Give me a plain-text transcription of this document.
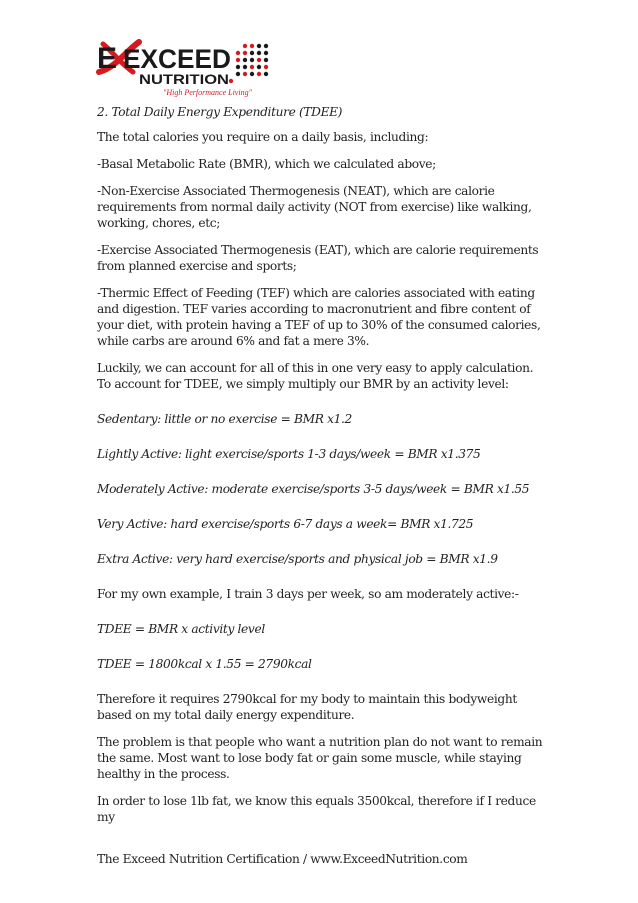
E EXCEED
NUTRITION
"High Performance Living"

2. Total Daily Energy Expenditure (TDEE)

The total calories you require on a daily basis, including:

-Basal Metabolic Rate (BMR), which we calculated above;

-Non-Exercise Associated Thermogenesis (NEAT), which are calorie requirements from normal daily activity (NOT from exercise) like walking, working, chores, etc;

-Exercise Associated Thermogenesis (EAT), which are calorie requirements from planned exercise and sports;

-Thermic Effect of Feeding (TEF) which are calories associated with eating and digestion. TEF varies according to macronutrient and fibre content of your diet, with protein having a TEF of up to 30% of the consumed calories, while carbs are around 6% and fat a mere 3%.

Luckily, we can account for all of this in one very easy to apply calculation. To account for TDEE, we simply multiply our BMR by an activity level:

Sedentary: little or no exercise = BMR x1.2

Lightly Active: light exercise/sports 1-3 days/week = BMR x1.375

Moderately Active: moderate exercise/sports 3-5 days/week = BMR x1.55

Very Active: hard exercise/sports 6-7 days a week= BMR x1.725

Extra Active: very hard exercise/sports and physical job = BMR x1.9

For my own example, I train 3 days per week, so am moderately active:-

TDEE = BMR x activity level

TDEE = 1800kcal x 1.55 = 2790kcal

Therefore it requires 2790kcal for my body to maintain this bodyweight based on my total daily energy expenditure.

The problem is that people who want a nutrition plan do not want to remain the same. Most want to lose body fat or gain some muscle, while staying healthy in the process.

In order to lose 1lb fat, we know this equals 3500kcal, therefore if I reduce my

The Exceed Nutrition Certification / www.ExceedNutrition.com
